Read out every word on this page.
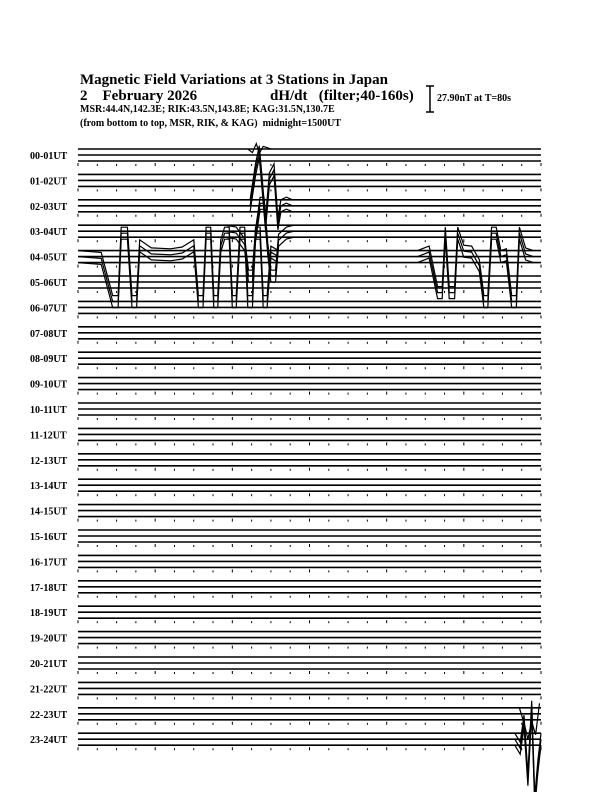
Magnetic Field Variations at 3 Stations in Japan
2    February 2026	dH/dt   (filter;40-160s)
MSR:44.4N,142.3E; RIK:43.5N,143.8E; KAG:31.5N,130.7E
(from bottom to top, MSR, RIK, & KAG)  midnight=1500UT
27.90nT at T=80s
00-01UT
01-02UT
02-03UT
03-04UT
04-05UT
05-06UT
06-07UT
07-08UT
08-09UT
09-10UT
10-11UT
11-12UT
12-13UT
13-14UT
14-15UT
15-16UT
16-17UT
17-18UT
18-19UT
19-20UT
20-21UT
21-22UT
22-23UT
23-24UT
